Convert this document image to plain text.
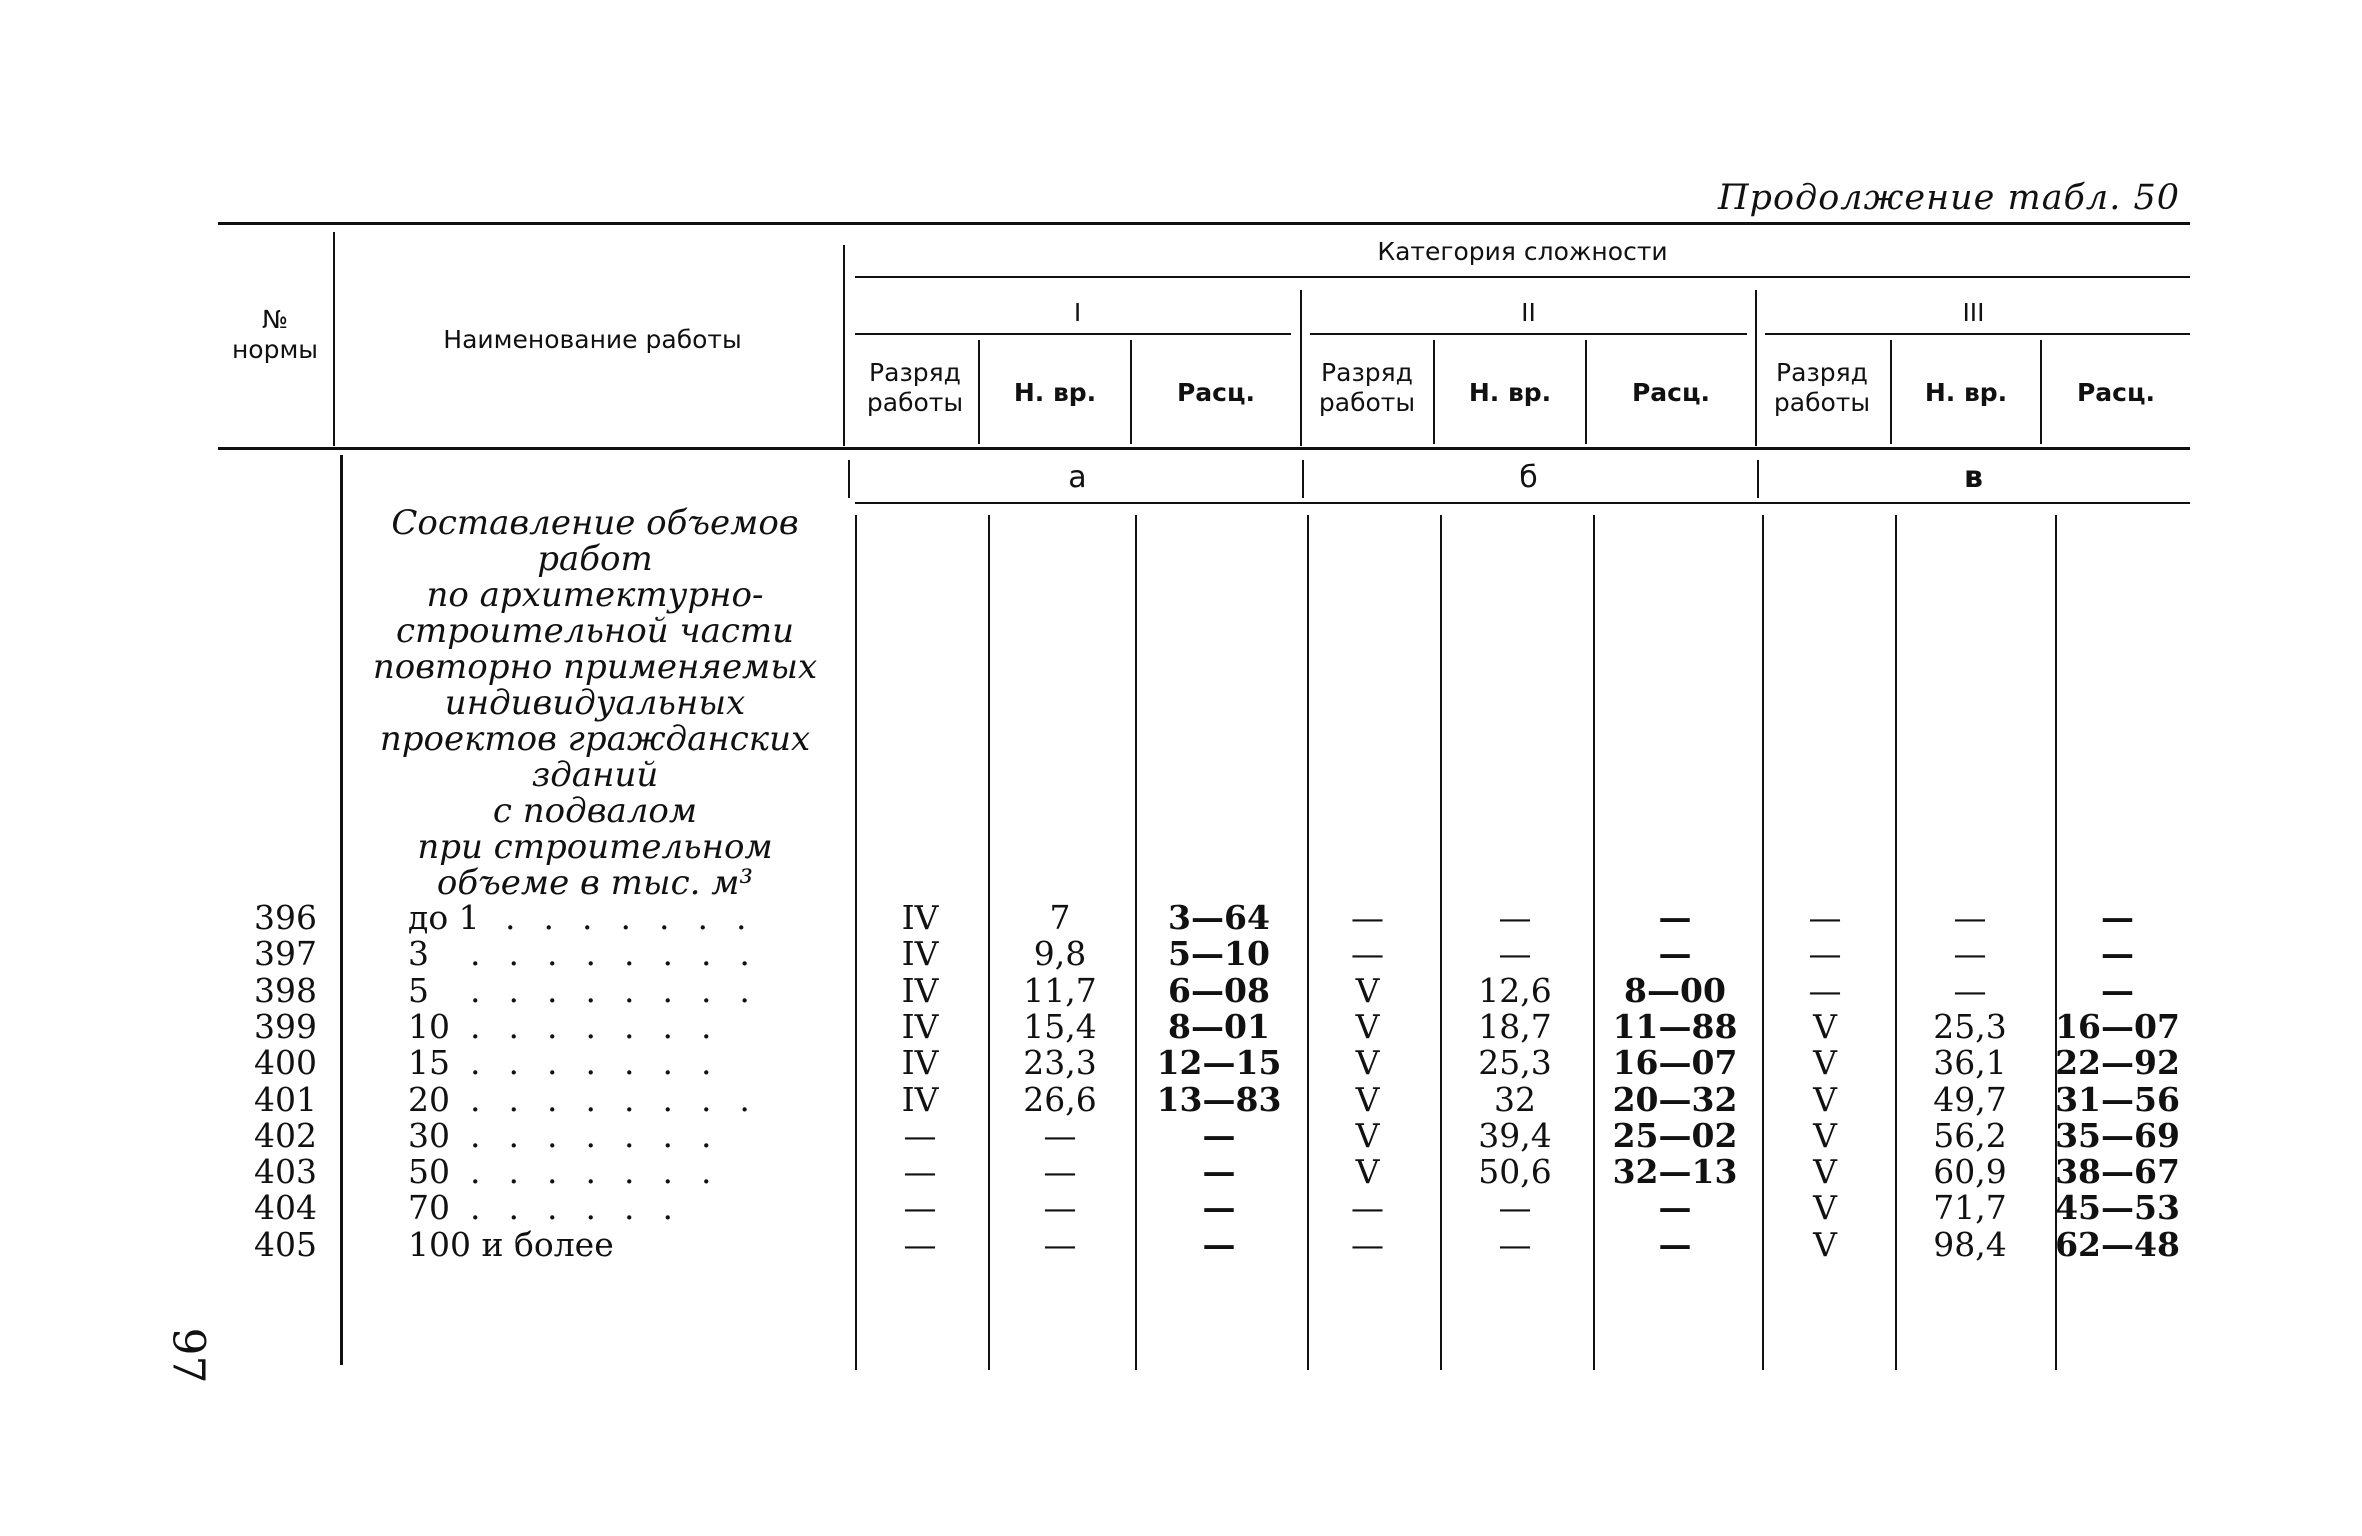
Продолжение табл. 50
№
нормы	Наименование работы
Категория сложности
I	II	III
Разряд
работы	Н. вр.	Расц.
Разряд
работы	Н. вр.	Расц.
Разряд
работы	Н. вр.	Расц.
а	б	в
Составление объемов работ
по архитектурно-
строительной части
повторно применяемых
индивидуальных
проектов гражданских
зданий
с подвалом
при строительном
объеме в тыс. м³
396	до 1 .......	IV	7	3—64	—	—	—	—	—	—
397	3 ........	IV	9,8	5—10	—	—	—	—	—	—
398	5 ........	IV	11,7	6—08	V	12,6	8—00	—	—	—
399	10 .......	IV	15,4	8—01	V	18,7	11—88	V	25,3	16—07
400	15 .......	IV	23,3	12—15	V	25,3	16—07	V	36,1	22—92
401	20 ........	IV	26,6	13—83	V	32	20—32	V	49,7	31—56
402	30 .......	—	—	—	V	39,4	25—02	V	56,2	35—69
403	50 .......	—	—	—	V	50,6	32—13	V	60,9	38—67
404	70 ......	—	—	—	—	—	—	V	71,7	45—53
405	100 и более	—	—	—	—	—	—	V	98,4	62—48
97
